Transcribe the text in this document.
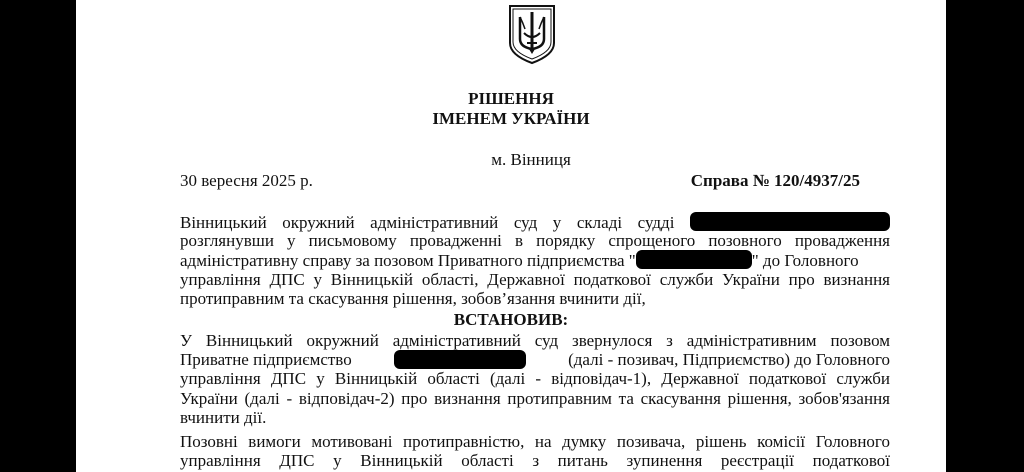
РІШЕННЯ
ІМЕНЕМ УКРАЇНИ
м. Вінниця
30 вересня 2025 р.	Справа № 120/4937/25
Вінницький окружний адміністративний суд у складі судді
розглянувши у письмовому провадженні в порядку спрощеного позовного провадження
адміністративну справу за позовом Приватного підприємства "	" до Головного
управління ДПС у Вінницькій області, Державної податкової служби України про визнання
протиправним та скасування рішення, зобов’язання вчинити дії,
ВСТАНОВИВ:
У Вінницький окружний адміністративний суд звернулося з адміністративним позовом
Приватне підприємство	(далі - позивач, Підприємство) до Головного
управління ДПС у Вінницькій області (далі - відповідач-1), Державної податкової служби
України (далі - відповідач-2) про визнання протиправним та скасування рішення, зобов'язання
вчинити дії.
Позовні вимоги мотивовані протиправністю, на думку позивача, рішень комісії Головного
управління ДПС у Вінницькій області з питань зупинення реєстрації податкової
